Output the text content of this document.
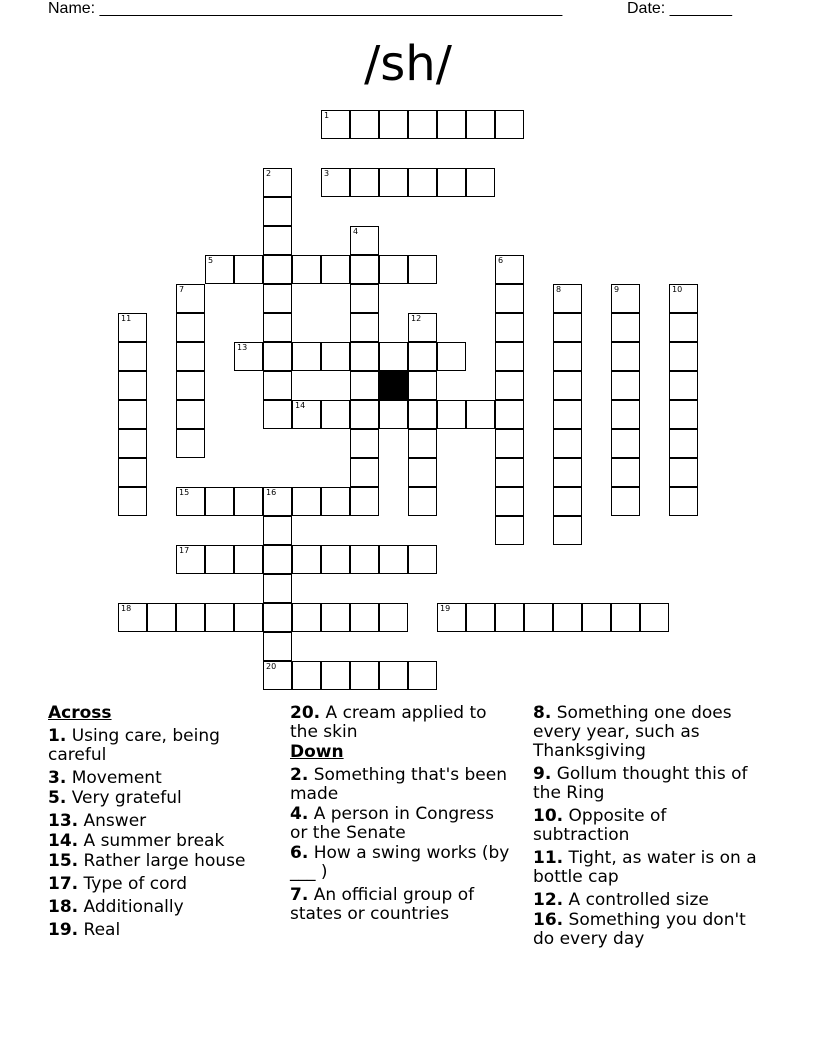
Name: ____________________________________________________	Date: _______
/sh/
1
3
5
13
14
15	16
17
18	19
20
2
4
6
7	8	9	10
11	12
Across
1. Using care, being careful
3. Movement
5. Very grateful
13. Answer
14. A summer break
15. Rather large house
17. Type of cord
18. Additionally
19. Real
20. A cream applied to the skin
Down
2. Something that's been made
4. A person in Congress or the Senate
6. How a swing works (by ___ )
7. An official group of states or countries
8. Something one does every year, such as Thanksgiving
9. Gollum thought this of the Ring
10. Opposite of subtraction
11. Tight, as water is on a bottle cap
12. A controlled size
16. Something you don't do every day
